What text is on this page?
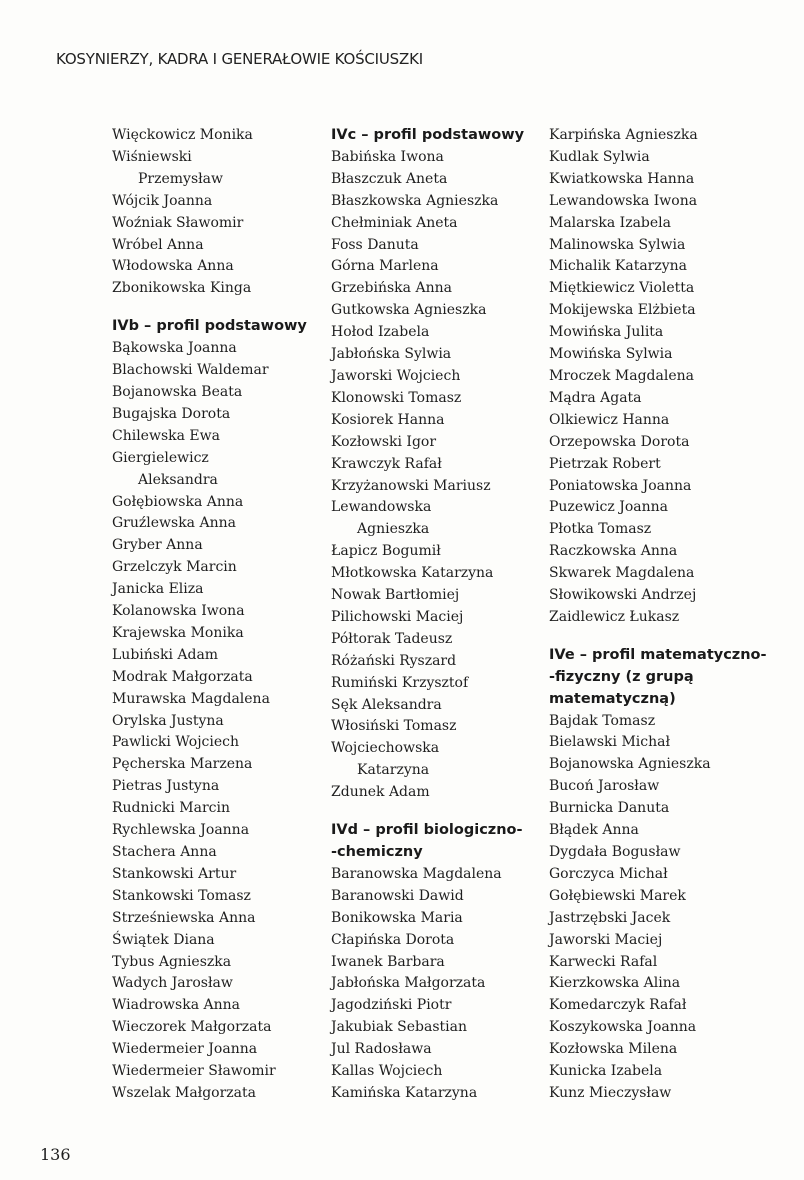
KOSYNIERZY, KADRA I GENERAŁOWIE KOŚCIUSZKI
Więckowicz Monika
Wiśniewski
Przemysław
Wójcik Joanna
Woźniak Sławomir
Wróbel Anna
Włodowska Anna
Zbonikowska Kinga
IVb – profil podstawowy
Bąkowska Joanna
Blachowski Waldemar
Bojanowska Beata
Bugajska Dorota
Chilewska Ewa
Giergielewicz
Aleksandra
Gołębiowska Anna
Gruźlewska Anna
Gryber Anna
Grzelczyk Marcin
Janicka Eliza
Kolanowska Iwona
Krajewska Monika
Lubiński Adam
Modrak Małgorzata
Murawska Magdalena
Orylska Justyna
Pawlicki Wojciech
Pęcherska Marzena
Pietras Justyna
Rudnicki Marcin
Rychlewska Joanna
Stachera Anna
Stankowski Artur
Stankowski Tomasz
Strześniewska Anna
Świątek Diana
Tybus Agnieszka
Wadych Jarosław
Wiadrowska Anna
Wieczorek Małgorzata
Wiedermeier Joanna
Wiedermeier Sławomir
Wszelak Małgorzata
IVc – profil podstawowy
Babińska Iwona
Błaszczuk Aneta
Błaszkowska Agnieszka
Chełminiak Aneta
Foss Danuta
Górna Marlena
Grzebińska Anna
Gutkowska Agnieszka
Hołod Izabela
Jabłońska Sylwia
Jaworski Wojciech
Klonowski Tomasz
Kosiorek Hanna
Kozłowski Igor
Krawczyk Rafał
Krzyżanowski Mariusz
Lewandowska
Agnieszka
Łapicz Bogumił
Młotkowska Katarzyna
Nowak Bartłomiej
Pilichowski Maciej
Półtorak Tadeusz
Różański Ryszard
Rumiński Krzysztof
Sęk Aleksandra
Włosiński Tomasz
Wojciechowska
Katarzyna
Zdunek Adam
IVd – profil biologiczno-
-chemiczny
Baranowska Magdalena
Baranowski Dawid
Bonikowska Maria
Cłapińska Dorota
Iwanek Barbara
Jabłońska Małgorzata
Jagodziński Piotr
Jakubiak Sebastian
Jul Radosława
Kallas Wojciech
Kamińska Katarzyna
Karpińska Agnieszka
Kudlak Sylwia
Kwiatkowska Hanna
Lewandowska Iwona
Malarska Izabela
Malinowska Sylwia
Michalik Katarzyna
Miętkiewicz Violetta
Mokijewska Elżbieta
Mowińska Julita
Mowińska Sylwia
Mroczek Magdalena
Mądra Agata
Olkiewicz Hanna
Orzepowska Dorota
Pietrzak Robert
Poniatowska Joanna
Puzewicz Joanna
Płotka Tomasz
Raczkowska Anna
Skwarek Magdalena
Słowikowski Andrzej
Zaidlewicz Łukasz
IVe – profil matematyczno-
-fizyczny (z grupą
matematyczną)
Bajdak Tomasz
Bielawski Michał
Bojanowska Agnieszka
Bucoń Jarosław
Burnicka Danuta
Błądek Anna
Dygdała Bogusław
Gorczyca Michał
Gołębiewski Marek
Jastrzębski Jacek
Jaworski Maciej
Karwecki Rafal
Kierzkowska Alina
Komedarczyk Rafał
Koszykowska Joanna
Kozłowska Milena
Kunicka Izabela
Kunz Mieczysław
136
